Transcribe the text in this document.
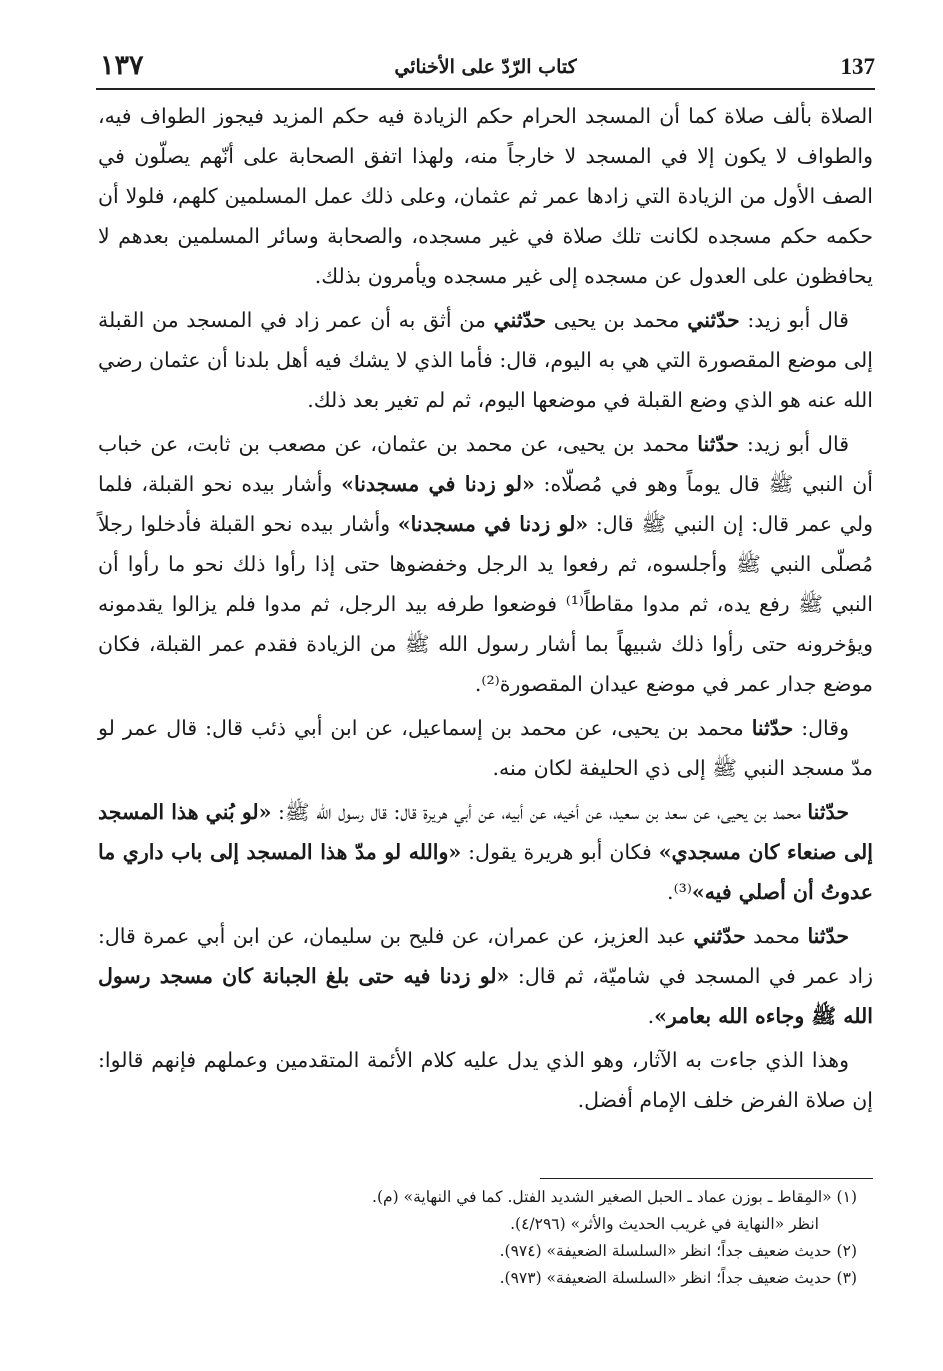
137
كتاب الرّدّ على الأخنائي
١٣٧

الصلاة بألف صلاة كما أن المسجد الحرام حكم الزيادة فيه حكم المزيد فيجوز الطواف فيه، والطواف لا يكون إلا في المسجد لا خارجاً منه، ولهذا اتفق الصحابة على أنّهم يصلّون في الصف الأول من الزيادة التي زادها عمر ثم عثمان، وعلى ذلك عمل المسلمين كلهم، فلولا أن حكمه حكم مسجده لكانت تلك صلاة في غير مسجده، والصحابة وسائر المسلمين بعدهم لا يحافظون على العدول عن مسجده إلى غير مسجده ويأمرون بذلك.

قال أبو زيد: حدّثني محمد بن يحيى حدّثني من أثق به أن عمر زاد في المسجد من القبلة إلى موضع المقصورة التي هي به اليوم، قال: فأما الذي لا يشك فيه أهل بلدنا أن عثمان رضي الله عنه هو الذي وضع القبلة في موضعها اليوم، ثم لم تغير بعد ذلك.

قال أبو زيد: حدّثنا محمد بن يحيى، عن محمد بن عثمان، عن مصعب بن ثابت، عن خباب أن النبي ﷺ قال يوماً وهو في مُصلّاه: «لو زدنا في مسجدنا» وأشار بيده نحو القبلة، فلما ولي عمر قال: إن النبي ﷺ قال: «لو زدنا في مسجدنا» وأشار بيده نحو القبلة فأدخلوا رجلاً مُصلّى النبي ﷺ وأجلسوه، ثم رفعوا يد الرجل وخفضوها حتى إذا رأوا ذلك نحو ما رأوا أن النبي ﷺ رفع يده، ثم مدوا مقاطاً⁽¹⁾ فوضعوا طرفه بيد الرجل، ثم مدوا فلم يزالوا يقدمونه ويؤخرونه حتى رأوا ذلك شبيهاً بما أشار رسول الله ﷺ من الزيادة فقدم عمر القبلة، فكان موضع جدار عمر في موضع عيدان المقصورة⁽²⁾.

وقال: حدّثنا محمد بن يحيى، عن محمد بن إسماعيل، عن ابن أبي ذئب قال: قال عمر لو مدّ مسجد النبي ﷺ إلى ذي الحليفة لكان منه.

حدّثنا محمد بن يحيى، عن سعد بن سعيد، عن أخيه، عن أبيه، عن أبي هريرة قال: قال رسول الله ﷺ: «لو بُني هذا المسجد إلى صنعاء كان مسجدي» فكان أبو هريرة يقول: «والله لو مدّ هذا المسجد إلى باب داري ما عدوتُ أن أصلي فيه»⁽³⁾.

حدّثنا محمد حدّثني عبد العزيز، عن عمران، عن فليح بن سليمان، عن ابن أبي عمرة قال: زاد عمر في المسجد في شاميّة، ثم قال: «لو زدنا فيه حتى بلغ الجبانة كان مسجد رسول الله ﷺ وجاءه الله بعامر».

وهذا الذي جاءت به الآثار، وهو الذي يدل عليه كلام الأئمة المتقدمين وعملهم فإنهم قالوا: إن صلاة الفرض خلف الإمام أفضل.

(١) «المِقاط ـ بوزن عماد ـ الحبل الصغير الشديد الفتل. كما في النهاية» (م).
انظر «النهاية في غريب الحديث والأثر» (٤/٢٩٦).
(٢) حديث ضعيف جداً؛ انظر «السلسلة الضعيفة» (٩٧٤).
(٣) حديث ضعيف جداً؛ انظر «السلسلة الضعيفة» (٩٧٣).
